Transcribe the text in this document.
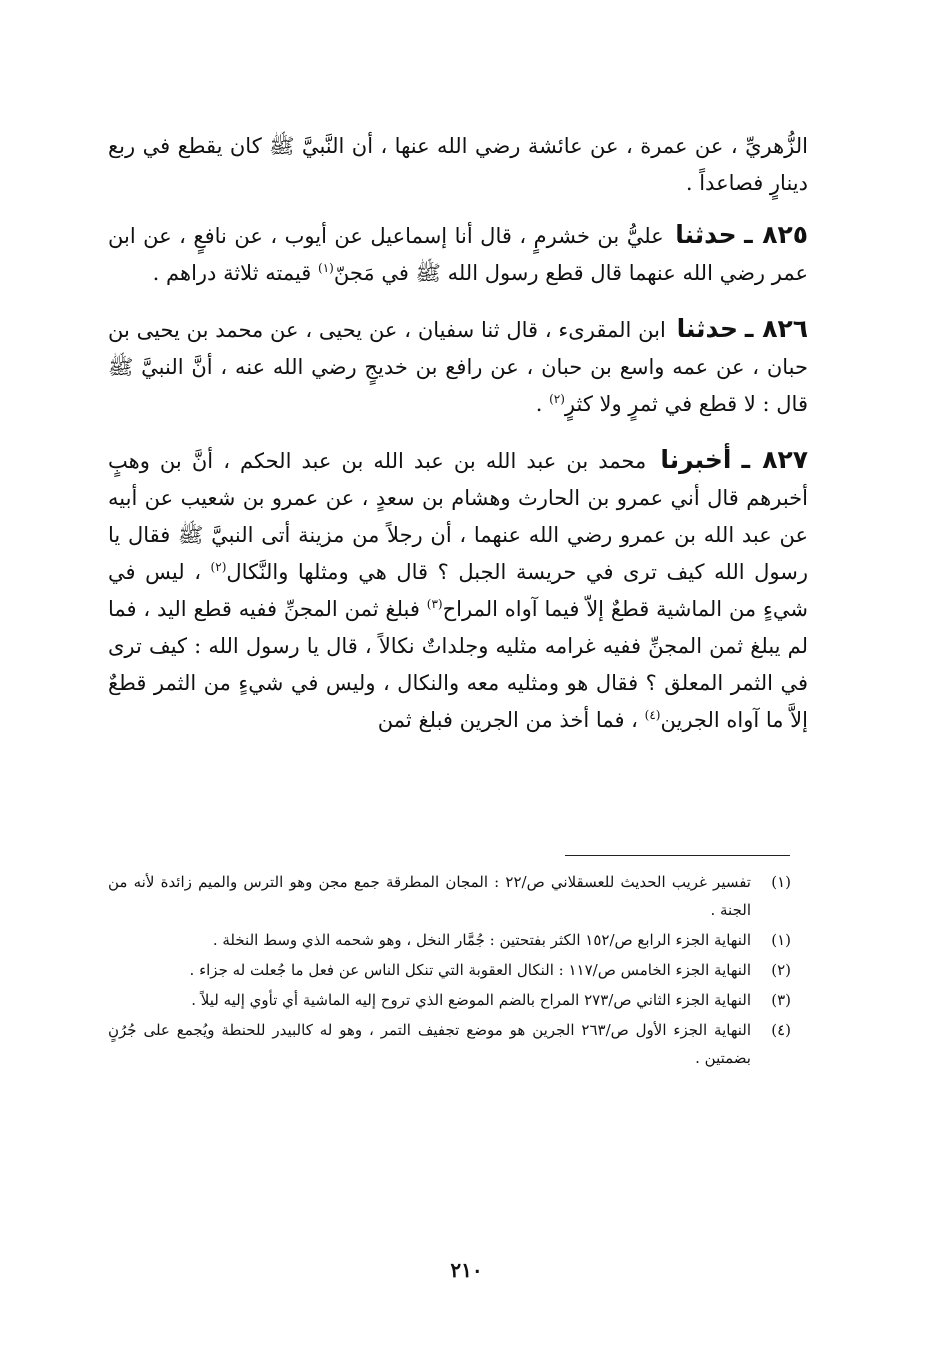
الزُّهريِّ ، عن عمرة ، عن عائشة رضي الله عنها ، أن النَّبيَّ ﷺ كان يقطع في ربع دينارٍ فصاعداً .

٨٢٥ ـ حدثنا عليُّ بن خشرمٍ ، قال أنا إسماعيل عن أيوب ، عن نافعٍ ، عن ابن عمر رضي الله عنهما قال قطع رسول الله ﷺ في مَجنّ$^{(١)}$ قيمته ثلاثة دراهم .

٨٢٦ ـ حدثنا ابن المقرىء ، قال ثنا سفيان ، عن يحيى ، عن محمد بن يحيى بن حبان ، عن عمه واسع بن حبان ، عن رافع بن خديجٍ رضي الله عنه ، أنَّ النبيَّ ﷺ قال : لا قطع في ثمرٍ ولا كثرٍ$^{(٢)}$ .

٨٢٧ ـ أخبرنا محمد بن عبد الله بن عبد الله بن عبد الحكم ، أنَّ بن وهبٍ أخبرهم قال أني عمرو بن الحارث وهشام بن سعدٍ ، عن عمرو بن شعيب عن أبيه عن عبد الله بن عمرو رضي الله عنهما ، أن رجلاً من مزينة أتى النبيَّ ﷺ فقال يا رسول الله كيف ترى في حريسة الجبل ؟ قال هي ومثلها والنَّكال$^{(٢)}$ ، ليس في شيءٍ من الماشية قطعٌ إلاّ فيما آواه المراح$^{(٣)}$ فبلغ ثمن المجنِّ ففيه قطع اليد ، فما لم يبلغ ثمن المجنِّ ففيه غرامه مثليه وجلداتٌ نكالاً ، قال يا رسول الله : كيف ترى في الثمر المعلق ؟ فقال هو ومثليه معه والنكال ، وليس في شيءٍ من الثمر قطعٌ إلاَّ ما آواه الجرين$^{(٤)}$ ، فما أخذ من الجرين فبلغ ثمن

(١)
تفسير غريب الحديث للعسقلاني ص/٢٢ : المجان المطرقة جمع مجن وهو الترس والميم زائدة لأنه من الجنة .
(١)
النهاية الجزء الرابع ص/١٥٢ الكثر بفتحتين : جُمَّار النخل ، وهو شحمه الذي وسط النخلة .
(٢)
النهاية الجزء الخامس ص/١١٧ : النكال العقوبة التي تنكل الناس عن فعل ما جُعلت له جزاء .
(٣)
النهاية الجزء الثاني ص/٢٧٣ المراح بالضم الموضع الذي تروح إليه الماشية أي تأوي إليه ليلاً .
(٤)
النهاية الجزء الأول ص/٢٦٣ الجرين هو موضع تجفيف التمر ، وهو له كالبيدر للحنطة ويُجمع على جُرُنٍ بضمتين .
٢١٠
